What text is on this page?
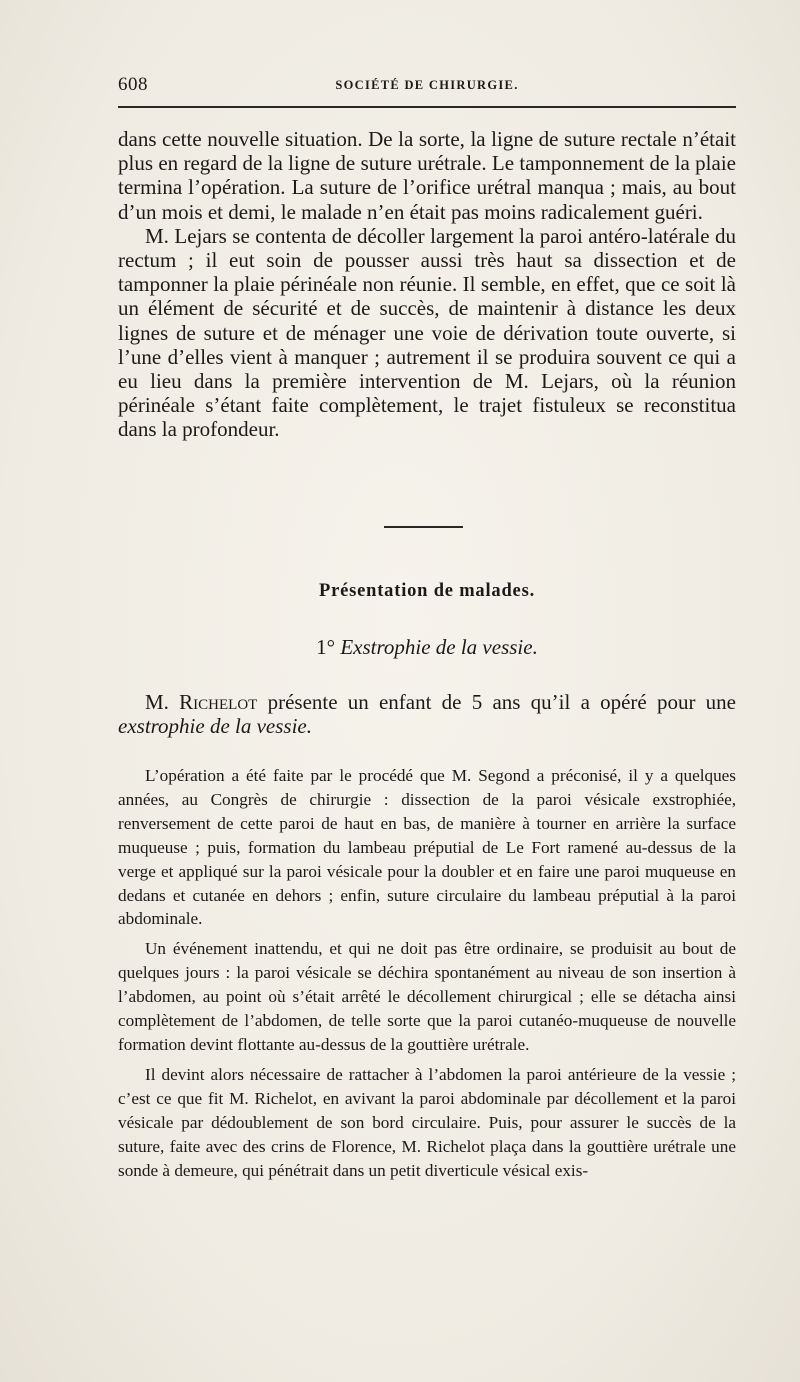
608	SOCIÉTÉ DE CHIRURGIE.

dans cette nouvelle situation. De la sorte, la ligne de suture rectale n’était plus en regard de la ligne de suture urétrale. Le tamponnement de la plaie termina l’opération. La suture de l’orifice urétral manqua ; mais, au bout d’un mois et demi, le malade n’en était pas moins radicalement guéri.

M. Lejars se contenta de décoller largement la paroi antéro-latérale du rectum ; il eut soin de pousser aussi très haut sa dissection et de tamponner la plaie périnéale non réunie. Il semble, en effet, que ce soit là un élément de sécurité et de succès, de maintenir à distance les deux lignes de suture et de ménager une voie de dérivation toute ouverte, si l’une d’elles vient à manquer ; autrement il se produira souvent ce qui a eu lieu dans la première intervention de M. Lejars, où la réunion périnéale s’étant faite complètement, le trajet fistuleux se reconstitua dans la profondeur.

Présentation de malades.
1° Exstrophie de la vessie.

M. Richelot présente un enfant de 5 ans qu’il a opéré pour une exstrophie de la vessie.

L’opération a été faite par le procédé que M. Segond a préconisé, il y a quelques années, au Congrès de chirurgie : dissection de la paroi vésicale exstrophiée, renversement de cette paroi de haut en bas, de manière à tourner en arrière la surface muqueuse ; puis, formation du lambeau préputial de Le Fort ramené au-dessus de la verge et appliqué sur la paroi vésicale pour la doubler et en faire une paroi muqueuse en dedans et cutanée en dehors ; enfin, suture circulaire du lambeau préputial à la paroi abdominale.

Un événement inattendu, et qui ne doit pas être ordinaire, se produisit au bout de quelques jours : la paroi vésicale se déchira spontanément au niveau de son insertion à l’abdomen, au point où s’était arrêté le décollement chirurgical ; elle se détacha ainsi complètement de l’abdomen, de telle sorte que la paroi cutanéo-muqueuse de nouvelle formation devint flottante au-dessus de la gouttière urétrale.

Il devint alors nécessaire de rattacher à l’abdomen la paroi antérieure de la vessie ; c’est ce que fit M. Richelot, en avivant la paroi abdominale par décollement et la paroi vésicale par dédoublement de son bord circulaire. Puis, pour assurer le succès de la suture, faite avec des crins de Florence, M. Richelot plaça dans la gouttière urétrale une sonde à demeure, qui pénétrait dans un petit diverticule vésical exis-
